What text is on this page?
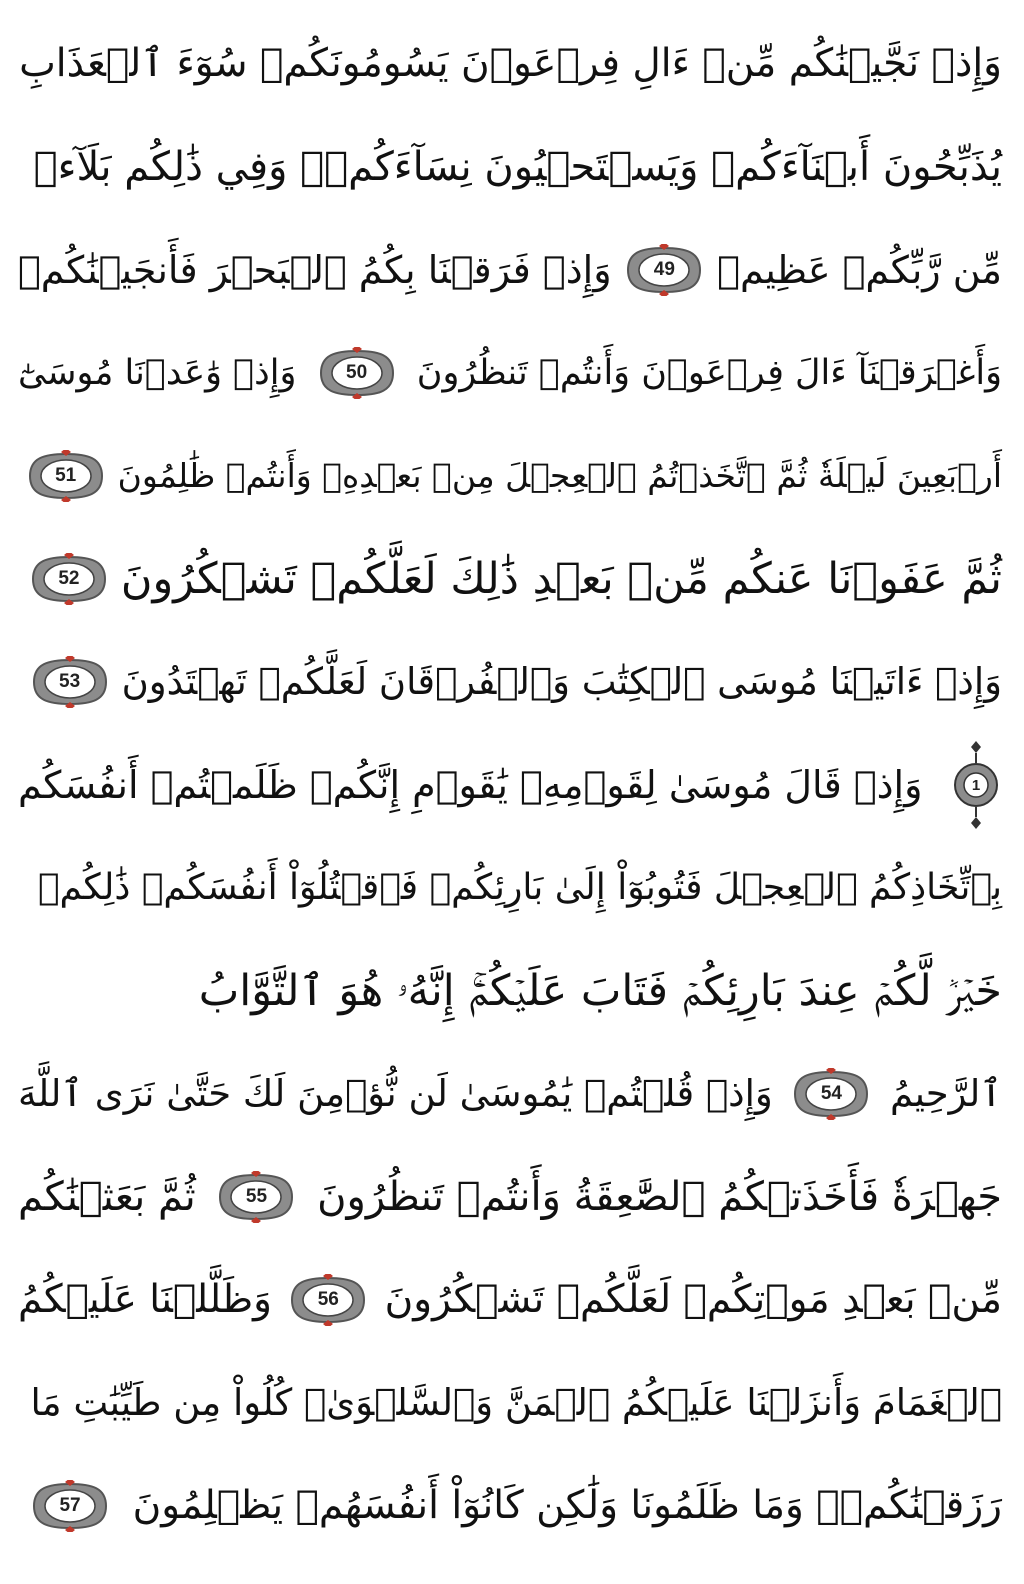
وَإِذۡ نَجَّيۡنَٰكُم مِّنۡ ءَالِ فِرۡعَوۡنَ يَسُومُونَكُمۡ سُوٓءَ ٱلۡعَذَابِ
يُذَبِّحُونَ أَبۡنَآءَكُمۡ وَيَسۡتَحۡيُونَ نِسَآءَكُمۡۚ وَفِي ذَٰلِكُم بَلَآءٞ
مِّن رَّبِّكُمۡ عَظِيمٞ
49
وَإِذۡ فَرَقۡنَا بِكُمُ ٱلۡبَحۡرَ فَأَنجَيۡنَٰكُمۡ
وَأَغۡرَقۡنَآ ءَالَ فِرۡعَوۡنَ وَأَنتُمۡ تَنظُرُونَ
50
وَإِذۡ وَٰعَدۡنَا مُوسَىٰٓ
أَرۡبَعِينَ لَيۡلَةٗ ثُمَّ ٱتَّخَذۡتُمُ ٱلۡعِجۡلَ مِنۢ بَعۡدِهِۦ وَأَنتُمۡ ظَٰلِمُونَ
51
ثُمَّ عَفَوۡنَا عَنكُم مِّنۢ بَعۡدِ ذَٰلِكَ لَعَلَّكُمۡ تَشۡكُرُونَ
52
وَإِذۡ ءَاتَيۡنَا مُوسَى ٱلۡكِتَٰبَ وَٱلۡفُرۡقَانَ لَعَلَّكُمۡ تَهۡتَدُونَ
53
1
وَإِذۡ قَالَ مُوسَىٰ لِقَوۡمِهِۦ يَٰقَوۡمِ إِنَّكُمۡ ظَلَمۡتُمۡ أَنفُسَكُم
بِٱتِّخَاذِكُمُ ٱلۡعِجۡلَ فَتُوبُوٓاْ إِلَىٰ بَارِئِكُمۡ فَٱقۡتُلُوٓاْ أَنفُسَكُمۡ ذَٰلِكُمۡ
خَيۡرٞ لَّكُمۡ عِندَ بَارِئِكُمۡ فَتَابَ عَلَيۡكُمۡۚ إِنَّهُۥ هُوَ ٱلتَّوَّابُ
ٱلرَّحِيمُ
54
وَإِذۡ قُلۡتُمۡ يَٰمُوسَىٰ لَن نُّؤۡمِنَ لَكَ حَتَّىٰ نَرَى ٱللَّهَ
جَهۡرَةٗ فَأَخَذَتۡكُمُ ٱلصَّٰعِقَةُ وَأَنتُمۡ تَنظُرُونَ
55
ثُمَّ بَعَثۡنَٰكُم
مِّنۢ بَعۡدِ مَوۡتِكُمۡ لَعَلَّكُمۡ تَشۡكُرُونَ
56
وَظَلَّلۡنَا عَلَيۡكُمُ
ٱلۡغَمَامَ وَأَنزَلۡنَا عَلَيۡكُمُ ٱلۡمَنَّ وَٱلسَّلۡوَىٰۖ كُلُواْ مِن طَيِّبَٰتِ مَا
رَزَقۡنَٰكُمۡۖ وَمَا ظَلَمُونَا وَلَٰكِن كَانُوٓاْ أَنفُسَهُمۡ يَظۡلِمُونَ
57
